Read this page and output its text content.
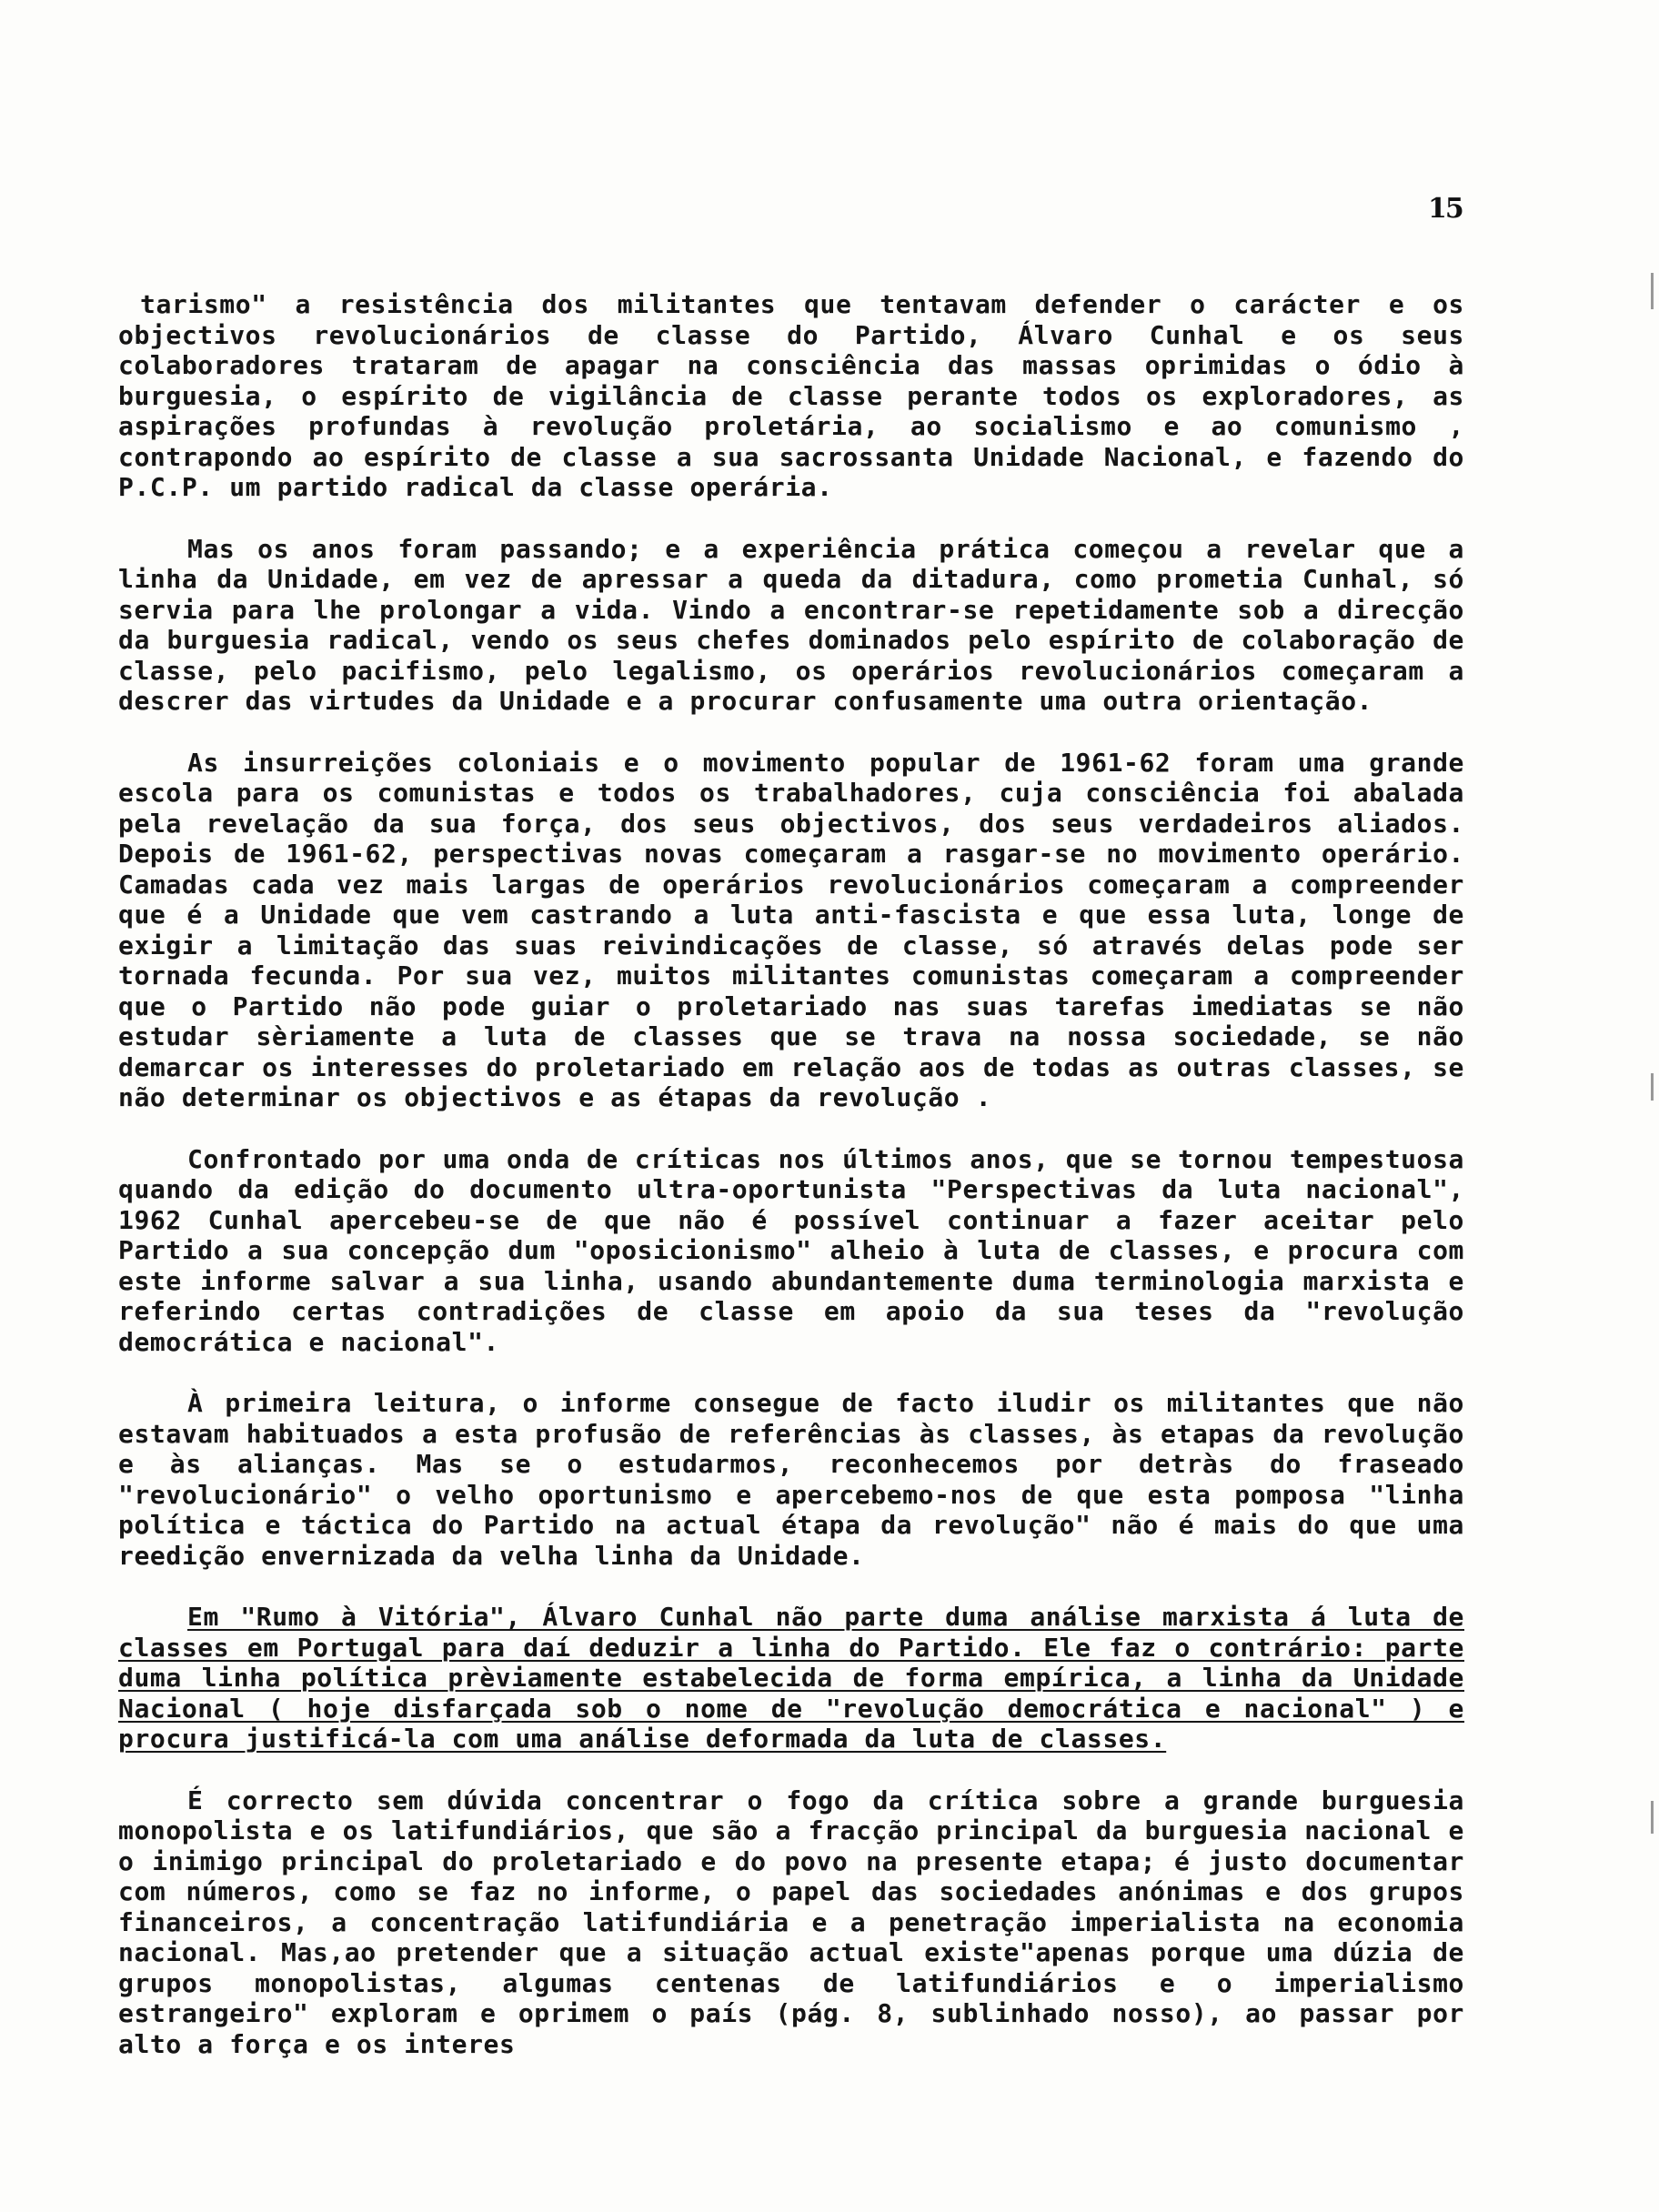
15

tarismo" a resistência dos militantes que tentavam defender o carácter e os objectivos revolucionários de classe do Partido, Álvaro Cunhal e os seus colaboradores trataram de apagar na consciência das massas oprimidas o ódio à burguesia, o espírito de vigilância de classe perante todos os exploradores, as aspirações profundas à revolução proletária, ao socialismo e ao comunismo , contrapondo ao espírito de classe a sua sacrossanta Unidade Nacional, e fazendo do P.C.P. um partido radical da classe operária.

Mas os anos foram passando; e a experiência prática começou a revelar que a linha da Unidade, em vez de apressar a queda da ditadura, como prometia Cunhal, só servia para lhe prolongar a vida. Vindo a encontrar-se repetidamente sob a direcção da burguesia radical, vendo os seus chefes dominados pelo espírito de colaboração de classe, pelo pacifismo, pelo legalismo, os operários revolucionários começaram a descrer das virtudes da Unidade e a procurar confusamente uma outra orientação.

As insurreições coloniais e o movimento popular de 1961-62 foram uma grande escola para os comunistas e todos os trabalhadores, cuja consciência foi abalada pela revelação da sua força, dos seus objectivos, dos seus verdadeiros aliados. Depois de 1961-62, perspectivas novas começaram a rasgar-se no movimento operário. Camadas cada vez mais largas de operários revolucionários começaram a compreender que é a Unidade que vem castrando a luta anti-fascista e que essa luta, longe de exigir a limitação das suas reivindicações de classe, só através delas pode ser tornada fecunda. Por sua vez, muitos militantes comunistas começaram a compreender que o Partido não pode guiar o proletariado nas suas tarefas imediatas se não estudar sèriamente a luta de classes que se trava na nossa sociedade, se não demarcar os interesses do proletariado em relação aos de todas as outras classes, se não determinar os objectivos e as étapas da revolução .

Confrontado por uma onda de críticas nos últimos anos, que se tornou tempestuosa quando da edição do documento ultra-oportunista "Perspectivas da luta nacional", 1962 Cunhal apercebeu-se de que não é possível continuar a fazer aceitar pelo Partido a sua concepção dum "oposicionismo" alheio à luta de classes, e procura com este informe salvar a sua linha, usando abundantemente duma terminologia marxista e referindo certas contradições de classe em apoio da sua teses da "revolução democrática e nacional".

À primeira leitura, o informe consegue de facto iludir os militantes que não estavam habituados a esta profusão de referências às classes, às etapas da revolução e às alianças. Mas se o estudarmos, reconhecemos por detràs do fraseado "revolucionário" o velho oportunismo e apercebemo-nos de que esta pomposa "linha política e táctica do Partido na actual étapa da revolução" não é mais do que uma reedição envernizada da velha linha da Unidade.

Em "Rumo à Vitória", Álvaro Cunhal não parte duma análise marxista á luta de classes em Portugal para daí deduzir a linha do Partido. Ele faz o contrário: parte duma linha política prèviamente estabelecida de forma empírica, a linha da Unidade Nacional ( hoje disfarçada sob o nome de "revolução democrática e nacional" ) e procura justificá-la com uma análise deformada da luta de classes.

É correcto sem dúvida concentrar o fogo da crítica sobre a grande burguesia monopolista e os latifundiários, que são a fracção principal da burguesia nacional e o inimigo principal do proletariado e do povo na presente etapa; é justo documentar com números, como se faz no informe, o papel das sociedades anónimas e dos grupos financeiros, a concentração latifundiária e a penetração imperialista na economia nacional. Mas,ao pretender que a situação actual existe"apenas porque uma dúzia de grupos monopolistas, algumas centenas de latifundiários e o imperialismo estrangeiro" exploram e oprimem o país (pág. 8, sublinhado nosso), ao passar por alto a força e os interes
